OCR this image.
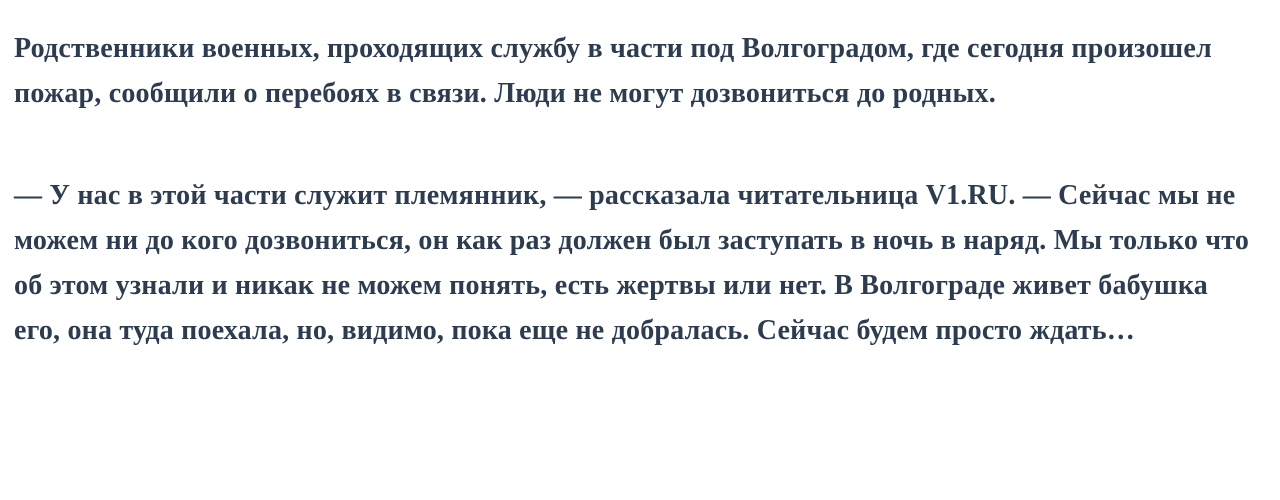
Родственники военных, проходящих службу в части под Волгоградом, где сегодня произошел пожар, сообщили о перебоях в связи. Люди не могут дозвониться до родных.

— У нас в этой части служит племянник, — рассказала читательница V1.RU. — Сейчас мы не можем ни до кого дозвониться, он как раз должен был заступать в ночь в наряд. Мы только что об этом узнали и никак не можем понять, есть жертвы или нет. В Волгограде живет бабушка его, она туда поехала, но, видимо, пока еще не добралась. Сейчас будем просто ждать…
